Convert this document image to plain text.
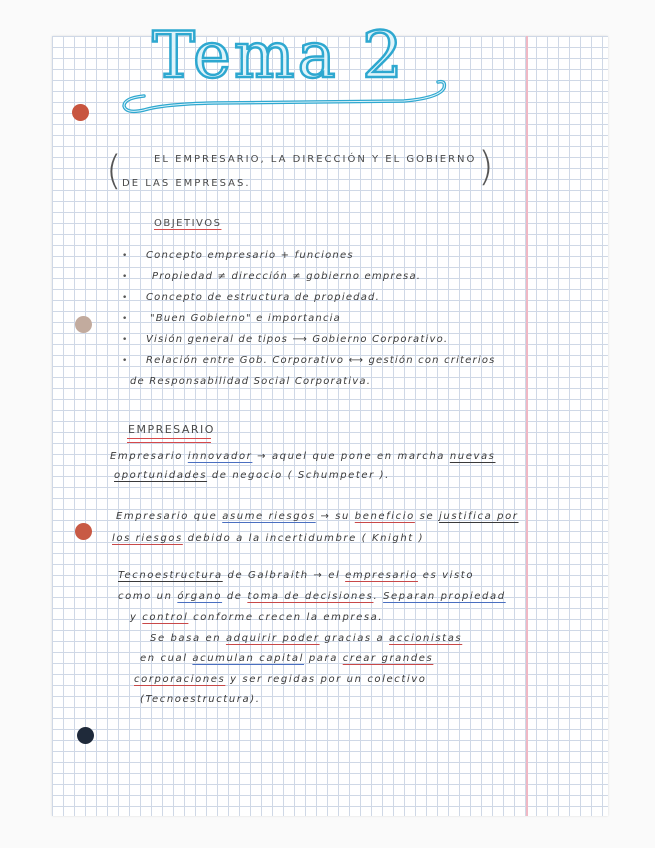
Tema 2
(	)
EL EMPRESARIO, LA DIRECCIÓN Y EL GOBIERNO
DE LAS EMPRESAS.
OBJETIVOS
• Concepto empresario + funciones
• Propiedad ≠ dirección ≠ gobierno empresa.
• Concepto de estructura de propiedad.
• "Buen Gobierno" e importancia
• Visión general de tipos ⟶ Gobierno Corporativo.
• Relación entre Gob. Corporativo ⟷ gestión con criterios
de Responsabilidad Social Corporativa.
EMPRESARIO
Empresario innovador → aquel que pone en marcha nuevas
oportunidades de negocio ( Schumpeter ).
Empresario que asume riesgos → su beneficio se justifica por
los riesgos debido a la incertidumbre ( Knight )
Tecnoestructura de Galbraith → el empresario es visto
como un órgano de toma de decisiones. Separan propiedad
y control conforme crecen la empresa.
Se basa en adquirir poder gracias a accionistas
en cual acumulan capital para crear grandes
corporaciones y ser regidas por un colectivo
(Tecnoestructura).
